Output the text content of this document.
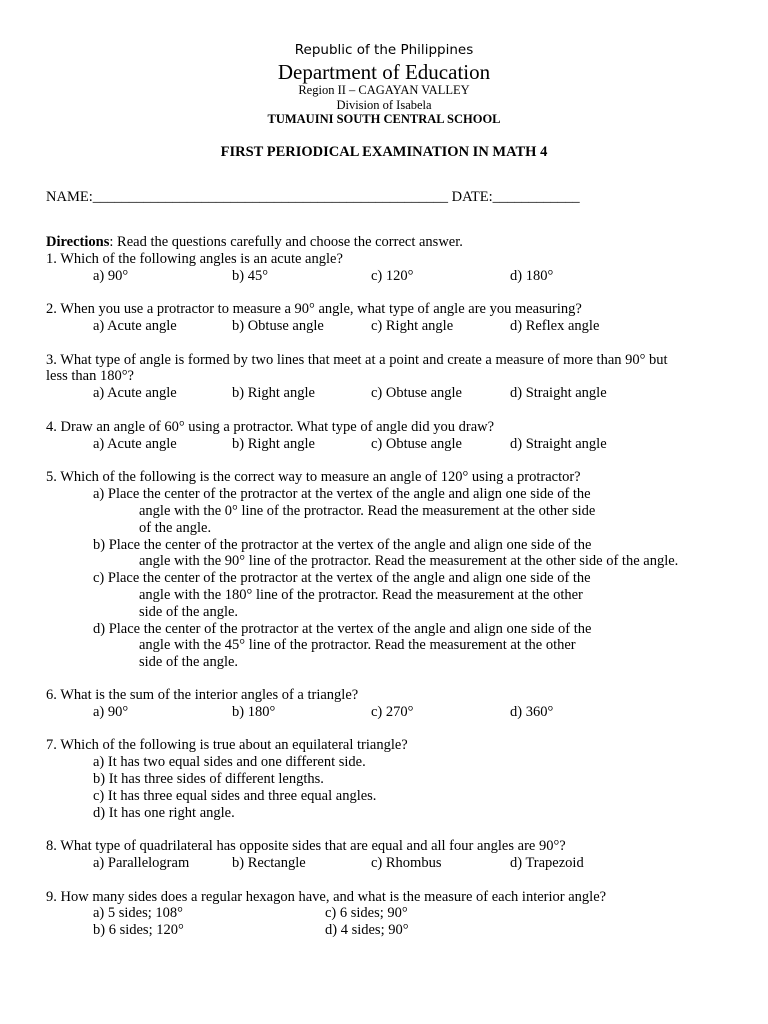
Republic of the Philippines
Department of Education
Region II – CAGAYAN VALLEY
Division of Isabela
TUMAUINI SOUTH CENTRAL SCHOOL
FIRST PERIODICAL EXAMINATION IN MATH 4
NAME:_________________________________________________ DATE:____________
Directions: Read the questions carefully and choose the correct answer.
1. Which of the following angles is an acute angle?
a) 90°	b) 45°	c) 120°	d) 180°
2. When you use a protractor to measure a 90° angle, what type of angle are you measuring?
a) Acute angle	b) Obtuse angle	c) Right angle	d) Reflex angle
3. What type of angle is formed by two lines that meet at a point and create a measure of more than 90° but
less than 180°?
a) Acute angle	b) Right angle	c) Obtuse angle	d) Straight angle
4. Draw an angle of 60° using a protractor. What type of angle did you draw?
a) Acute angle	b) Right angle	c) Obtuse angle	d) Straight angle
5. Which of the following is the correct way to measure an angle of 120° using a protractor?
a) Place the center of the protractor at the vertex of the angle and align one side of the
angle with the 0° line of the protractor. Read the measurement at the other side
of the angle.
b) Place the center of the protractor at the vertex of the angle and align one side of the
angle with the 90° line of the protractor. Read the measurement at the other side of the angle.
c) Place the center of the protractor at the vertex of the angle and align one side of the
angle with the 180° line of the protractor. Read the measurement at the other
side of the angle.
d) Place the center of the protractor at the vertex of the angle and align one side of the
angle with the 45° line of the protractor. Read the measurement at the other
side of the angle.
6. What is the sum of the interior angles of a triangle?
a) 90°	b) 180°	c) 270°	d) 360°
7. Which of the following is true about an equilateral triangle?
a) It has two equal sides and one different side.
b) It has three sides of different lengths.
c) It has three equal sides and three equal angles.
d) It has one right angle.
8. What type of quadrilateral has opposite sides that are equal and all four angles are 90°?
a) Parallelogram	b) Rectangle	c) Rhombus	d) Trapezoid
9. How many sides does a regular hexagon have, and what is the measure of each interior angle?
a) 5 sides; 108°	c) 6 sides; 90°
b) 6 sides; 120°	d) 4 sides; 90°
